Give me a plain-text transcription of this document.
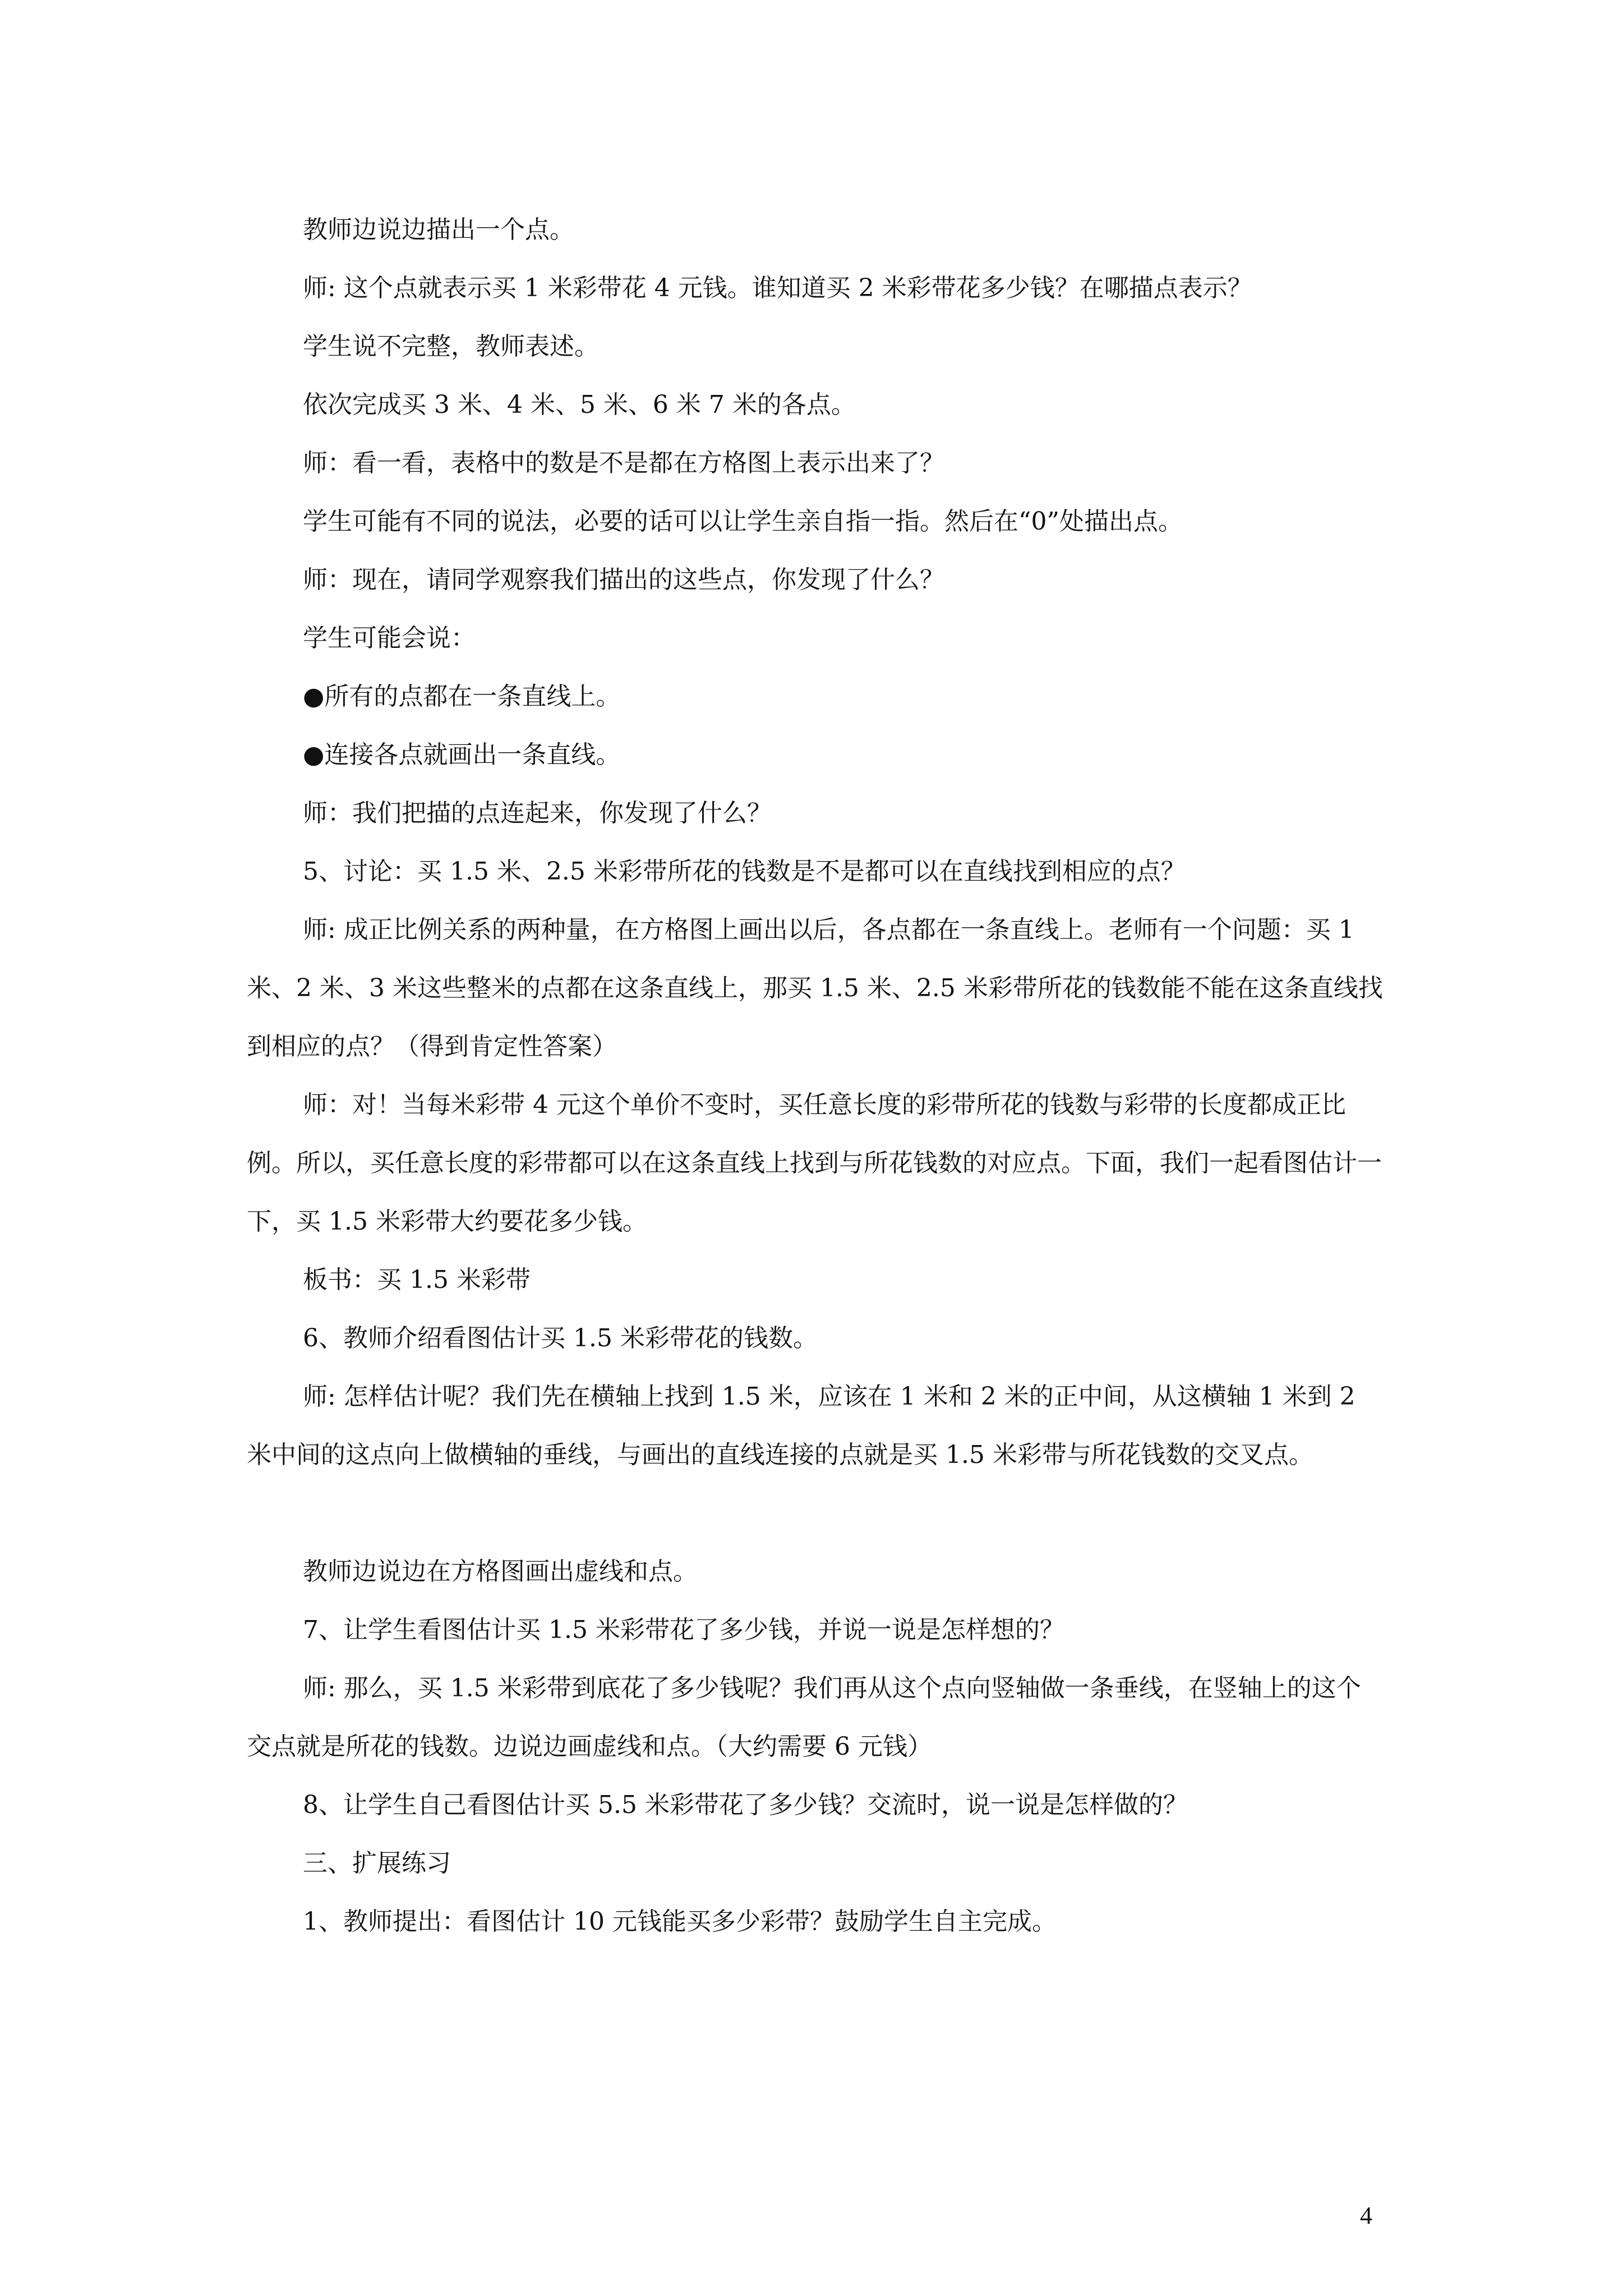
教师边说边描出一个点。

师: 这个点就表示买 1 米彩带花 4 元钱。谁知道买 2 米彩带花多少钱？在哪描点表示？

学生说不完整，教师表述。

依次完成买 3 米、4 米、5 米、6 米 7 米的各点。

师：看一看，表格中的数是不是都在方格图上表示出来了？

学生可能有不同的说法，必要的话可以让学生亲自指一指。然后在“0”处描出点。

师：现在，请同学观察我们描出的这些点，你发现了什么？

学生可能会说：

●所有的点都在一条直线上。

●连接各点就画出一条直线。

师：我们把描的点连起来，你发现了什么？

5、讨论：买 1.5 米、2.5 米彩带所花的钱数是不是都可以在直线找到相应的点？

师: 成正比例关系的两种量，在方格图上画出以后，各点都在一条直线上。老师有一个问题：买 1 米、2 米、3 米这些整米的点都在这条直线上，那买 1.5 米、2.5 米彩带所花的钱数能不能在这条直线找到相应的点？（得到肯定性答案）

师：对！当每米彩带 4 元这个单价不变时，买任意长度的彩带所花的钱数与彩带的长度都成正比例。所以，买任意长度的彩带都可以在这条直线上找到与所花钱数的对应点。下面，我们一起看图估计一下，买 1.5 米彩带大约要花多少钱。

板书：买 1.5 米彩带

6、教师介绍看图估计买 1.5 米彩带花的钱数。

师: 怎样估计呢？我们先在横轴上找到 1.5 米，应该在 1 米和 2 米的正中间，从这横轴 1 米到 2 米中间的这点向上做横轴的垂线，与画出的直线连接的点就是买 1.5 米彩带与所花钱数的交叉点。

教师边说边在方格图画出虚线和点。

7、让学生看图估计买 1.5 米彩带花了多少钱，并说一说是怎样想的？

师: 那么，买 1.5 米彩带到底花了多少钱呢？我们再从这个点向竖轴做一条垂线，在竖轴上的这个交点就是所花的钱数。边说边画虚线和点。（大约需要 6 元钱）

8、让学生自己看图估计买 5.5 米彩带花了多少钱？交流时，说一说是怎样做的？

三、扩展练习

1、教师提出：看图估计 10 元钱能买多少彩带？鼓励学生自主完成。

4
